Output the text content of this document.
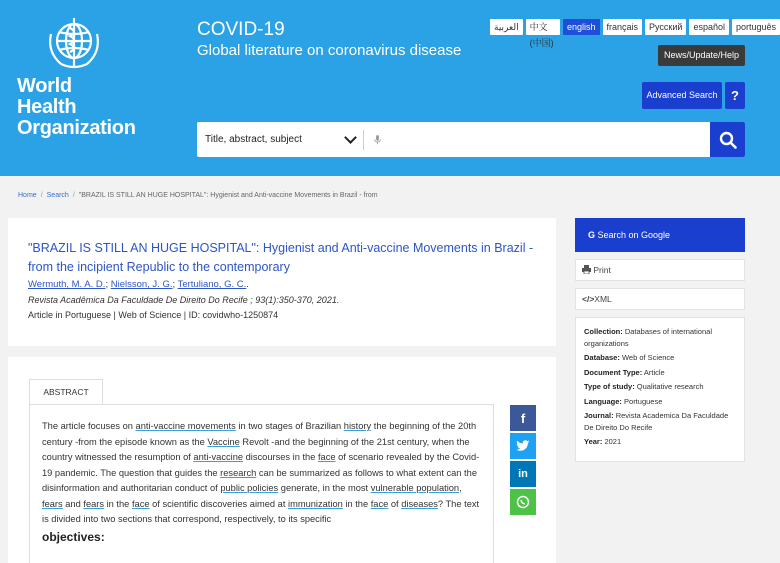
World Health
Organization
COVID-19
Global literature on coronavirus disease
العربية	中文 (中国)
english	français	Русский	español	português
News/Update/Help
Advanced Search	?
Title, abstract, subject
Home / Search / "BRAZIL IS STILL AN HUGE HOSPITAL": Hygienist and Anti-vaccine Movements in Brazil - from
"BRAZIL IS STILL AN HUGE HOSPITAL": Hygienist and Anti-vaccine Movements in Brazil - from the incipient Republic to the contemporary
Wermuth, M. A. D.; Nielsson, J. G.; Tertuliano, G. C..
Revista Acadêmica Da Faculdade De Direito Do Recife ; 93(1):350-370, 2021.
Article in Portuguese | Web of Science | ID: covidwho-1250874
ABSTRACT
The article focuses on anti-vaccine movements in two stages of Brazilian history the beginning of the 20th century -from the episode known as the Vaccine Revolt -and the beginning of the 21st century, when the country witnessed the resumption of anti-vaccine discourses in the face of scenario revealed by the Covid-19 pandemic. The question that guides the research can be summarized as follows to what extent can the disinformation and authoritarian conduct of public policies generate, in the most vulnerable population, fears and fears in the face of scientific discoveries aimed at immunization in the face of diseases? The text is divided into two sections that correspond, respectively, to its specific
objectives:
f
in
G Search on Google
Print
</>XML
Collection: Databases of international organizations
Database: Web of Science
Document Type: Article
Type of study: Qualitative research
Language: Portuguese
Journal: Revista Academica Da Faculdade De Direito Do Recife
Year: 2021
